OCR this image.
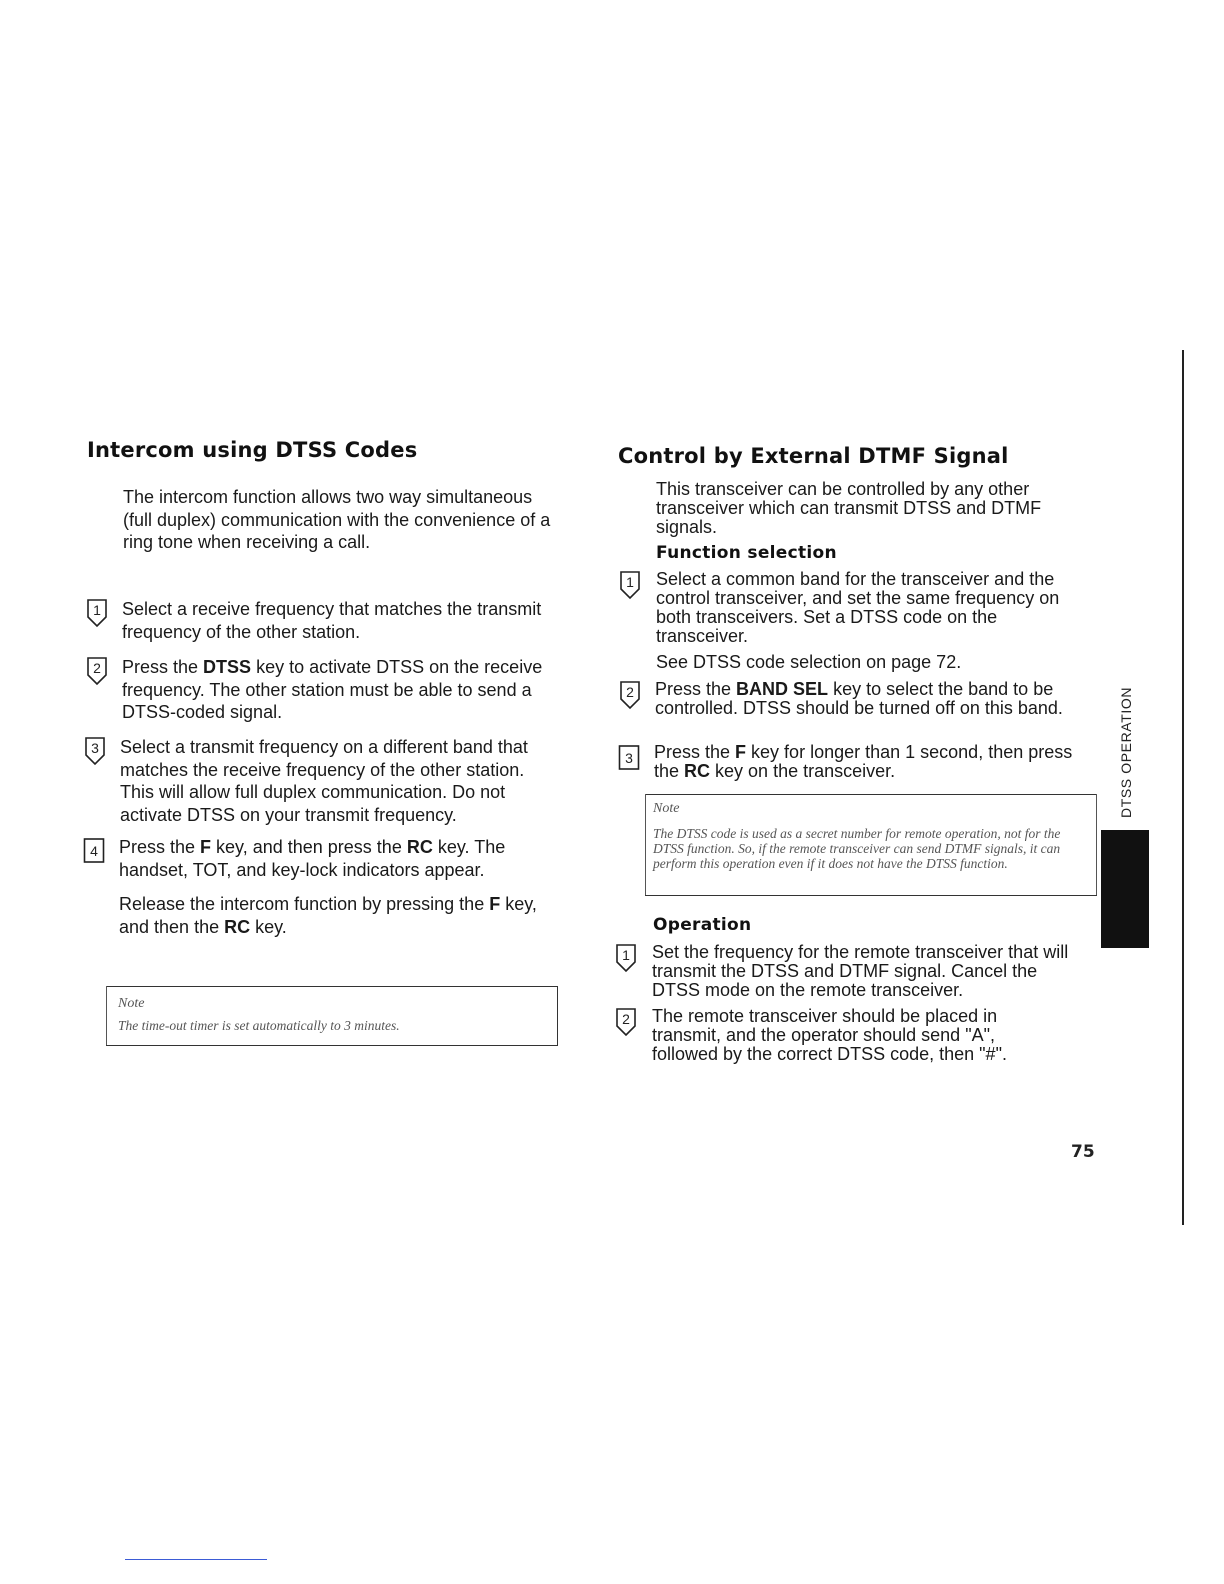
Intercom using DTSS Codes
The intercom function allows two way simultaneous (full duplex) communication with the convenience of a ring tone when receiving a call.
1 Select a receive frequency that matches the transmit frequency of the other station.
2 Press the DTSS key to activate DTSS on the receive frequency. The other station must be able to send a DTSS-coded signal.
3 Select a transmit frequency on a different band that matches the receive frequency of the other station. This will allow full duplex communication. Do not activate DTSS on your transmit frequency.
4 Press the F key, and then press the RC key. The handset, TOT, and key-lock indicators appear.
Release the intercom function by pressing the F key, and then the RC key.
Note
The time-out timer is set automatically to 3 minutes.
Control by External DTMF Signal
This transceiver can be controlled by any other transceiver which can transmit DTSS and DTMF signals.
Function selection
1 Select a common band for the transceiver and the control transceiver, and set the same frequency on both transceivers. Set a DTSS code on the transceiver.
See DTSS code selection on page 72.
2 Press the BAND SEL key to select the band to be controlled. DTSS should be turned off on this band.
3 Press the F key for longer than 1 second, then press the RC key on the transceiver.
Note
The DTSS code is used as a secret number for remote operation, not for the DTSS function. So, if the remote transceiver can send DTMF signals, it can perform this operation even if it does not have the DTSS function.
Operation
1 Set the frequency for the remote transceiver that will transmit the DTSS and DTMF signal. Cancel the DTSS mode on the remote transceiver.
2 The remote transceiver should be placed in transmit, and the operator should send "A", followed by the correct DTSS code, then "#".
DTSS OPERATION
75
